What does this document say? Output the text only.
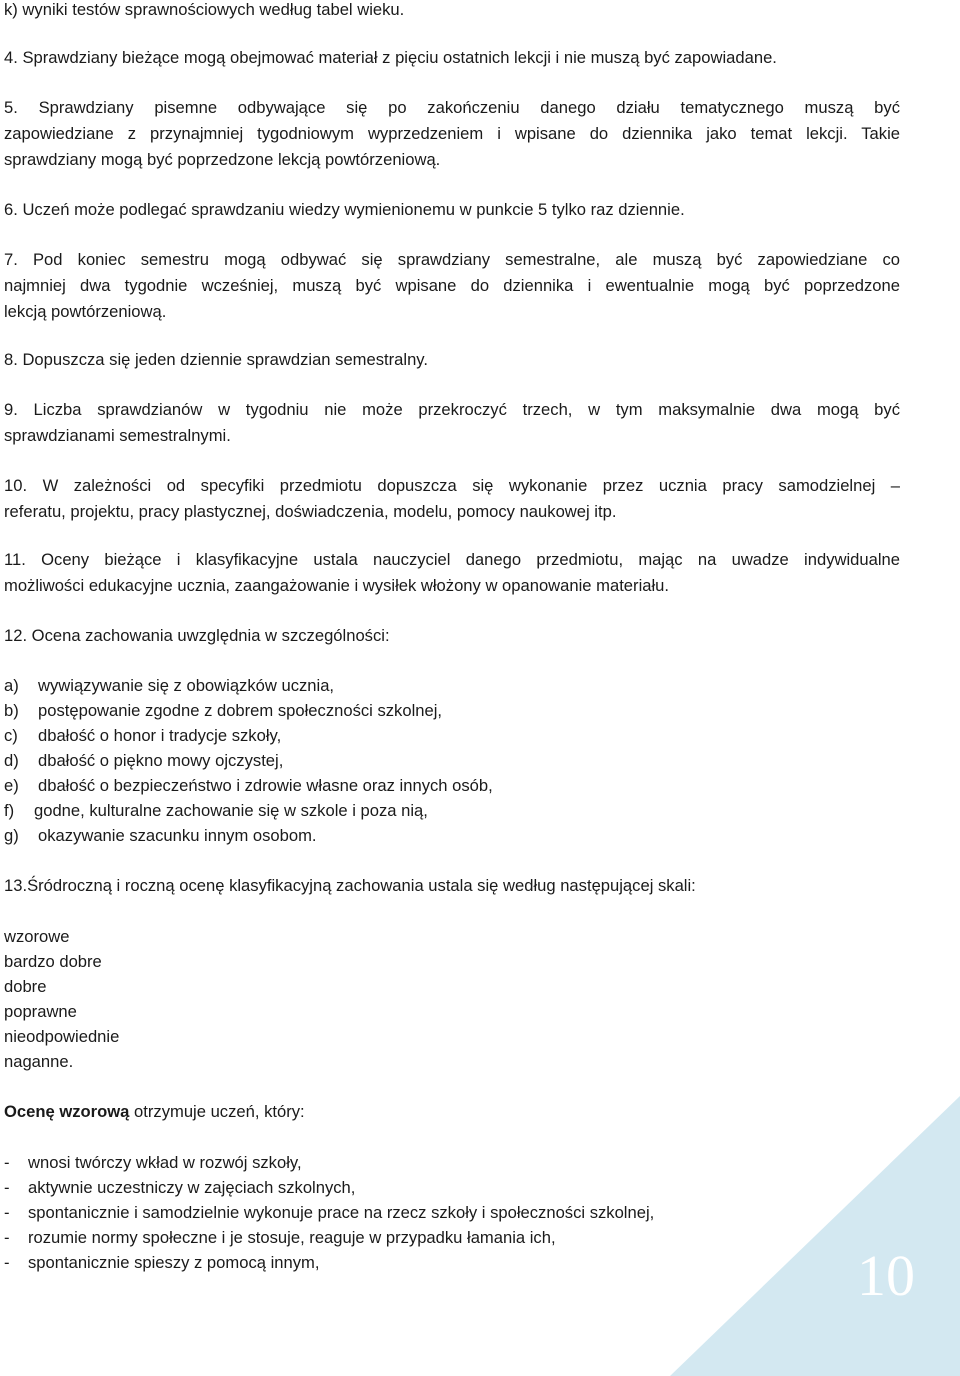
10
k) wyniki testów sprawnościowych według tabel wieku.
4. Sprawdziany bieżące mogą obejmować materiał z pięciu ostatnich lekcji i nie muszą być zapowiadane.
5. Sprawdziany pisemne odbywające się po zakończeniu danego działu tematycznego muszą być
zapowiedziane z przynajmniej tygodniowym wyprzedzeniem i wpisane do dziennika jako temat lekcji. Takie
sprawdziany mogą być poprzedzone lekcją powtórzeniową.
6. Uczeń może podlegać sprawdzaniu wiedzy wymienionemu w punkcie 5 tylko raz dziennie.
7. Pod koniec semestru mogą odbywać się sprawdziany semestralne, ale muszą być zapowiedziane co
najmniej dwa tygodnie wcześniej, muszą być wpisane do dziennika i ewentualnie mogą być poprzedzone
lekcją powtórzeniową.
8. Dopuszcza się jeden dziennie sprawdzian semestralny.
9. Liczba sprawdzianów w tygodniu nie może przekroczyć trzech, w tym maksymalnie dwa mogą być
sprawdzianami semestralnymi.
10. W zależności od specyfiki przedmiotu dopuszcza się wykonanie przez ucznia pracy samodzielnej –
referatu, projektu, pracy plastycznej, doświadczenia, modelu, pomocy naukowej itp.
11. Oceny bieżące i klasyfikacyjne ustala nauczyciel danego przedmiotu, mając na uwadze indywidualne
możliwości edukacyjne ucznia, zaangażowanie i wysiłek włożony w opanowanie materiału.
12. Ocena zachowania uwzględnia w szczególności:
a) wywiązywanie się z obowiązków ucznia,
b) postępowanie zgodne z dobrem społeczności szkolnej,
c) dbałość o honor i tradycje szkoły,
d) dbałość o piękno mowy ojczystej,
e) dbałość o bezpieczeństwo i zdrowie własne oraz innych osób,
f) godne, kulturalne zachowanie się w szkole i poza nią,
g) okazywanie szacunku innym osobom.
13.Śródroczną i roczną ocenę klasyfikacyjną zachowania ustala się według następującej skali:
wzorowe
bardzo dobre
dobre
poprawne
nieodpowiednie
naganne.
Ocenę wzorową otrzymuje uczeń, który:
- wnosi twórczy wkład w rozwój szkoły,
- aktywnie uczestniczy w zajęciach szkolnych,
- spontanicznie i samodzielnie wykonuje prace na rzecz szkoły i społeczności szkolnej,
- rozumie normy społeczne i je stosuje, reaguje w przypadku łamania ich,
- spontanicznie spieszy z pomocą innym,
